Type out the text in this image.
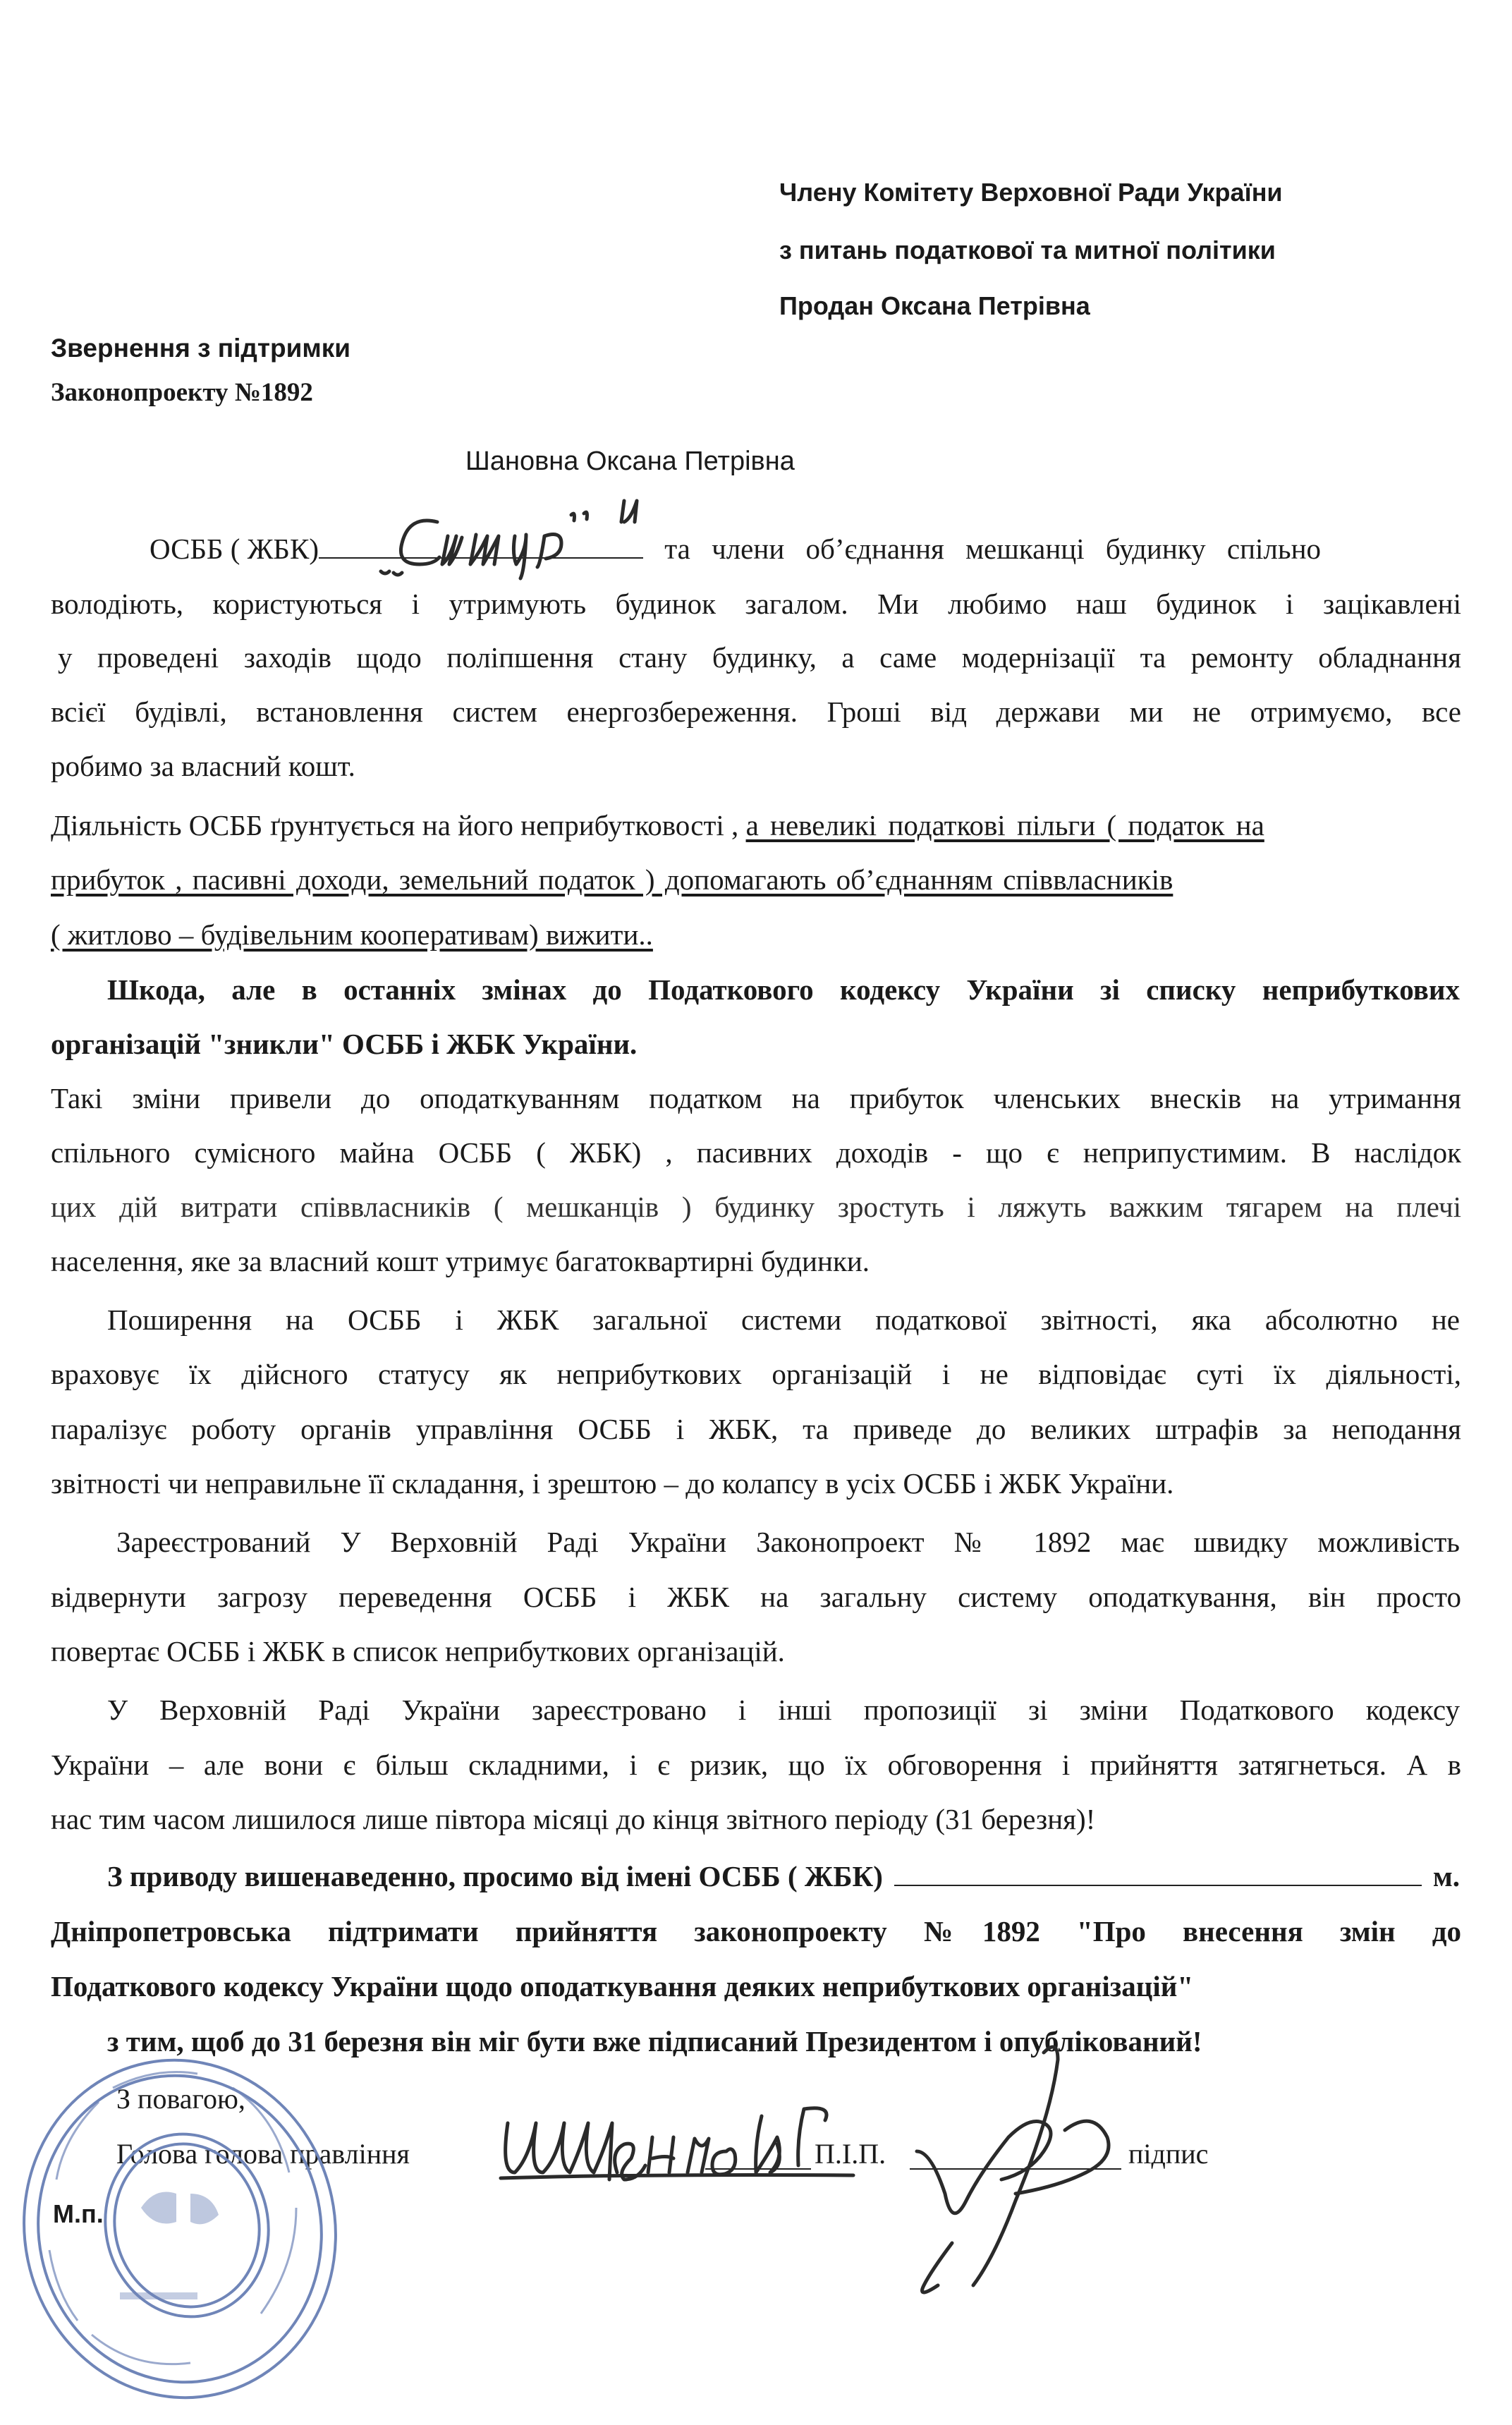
Члену Комітету Верховної Ради України
з питань податкової та митної політики
Продан Оксана Петрівна
Звернення з підтримки
Законопроекту №1892
Шановна Оксана Петрівна
ОСББ ( ЖБК)	та члени об’єднання мешканці будинку спільно
володіють, користуються і утримують будинок загалом. Ми любимо наш будинок і зацікавлені
у проведені заходів щодо поліпшення стану будинку, а саме модернізації та ремонту обладнання
всієї будівлі, встановлення систем енергозбереження. Гроші від держави ми не отримуємо, все
робимо за власний кошт.
Діяльність ОСББ ґрунтується на його неприбутковості , а невеликі податкові пільги ( податок на
прибуток , пасивні доходи, земельний податок ) допомагають об’єднанням співвласників
( житлово – будівельним кооперативам) вижити..
Шкода, але в останніх змінах до Податкового кодексу України зі списку неприбуткових
організацій "зникли" ОСББ і ЖБК України.
Такі зміни привели до оподаткуванням податком на прибуток членських внесків на утримання
спільного сумісного майна ОСББ ( ЖБК) , пасивних доходів - що є неприпустимим. В наслідок
цих дій витрати співвласників ( мешканців ) будинку зростуть і ляжуть важким тягарем на плечі
населення, яке за власний кошт утримує багатоквартирні будинки.
Поширення на ОСББ і ЖБК загальної системи податкової звітності, яка абсолютно не
враховує їх дійсного статусу як неприбуткових організацій і не відповідає суті їх діяльності,
паралізує роботу органів управління ОСББ і ЖБК, та приведе до великих штрафів за неподання
звітності чи неправильне її складання, і зрештою – до колапсу в усіх ОСББ і ЖБК України.
Зареєстрований У Верховній Раді України Законопроект № 1892 має швидку можливість
відвернути загрозу переведення ОСББ і ЖБК на загальну систему оподаткування, він просто
повертає ОСББ і ЖБК в список неприбуткових організацій.
У Верховній Раді України зареєстровано і інші пропозиції зі зміни Податкового кодексу
України – але вони є більш складними, і є ризик, що їх обговорення і прийняття затягнеться. А в
нас тим часом лишилося лише півтора місяці до кінця звітного періоду (31 березня)!
З приводу вишенаведенно, просимо від імені ОСББ ( ЖБК)	м.
Дніпропетровська підтримати прийняття законопроекту №1892 "Про внесення змін до
Податкового кодексу України щодо оподаткування деяких неприбуткових організацій"
з тим, щоб до 31 березня він міг бути вже підписаний Президентом і опублікований!
З повагою,
Голова голова правління	П.І.П.	підпис
М.п.
